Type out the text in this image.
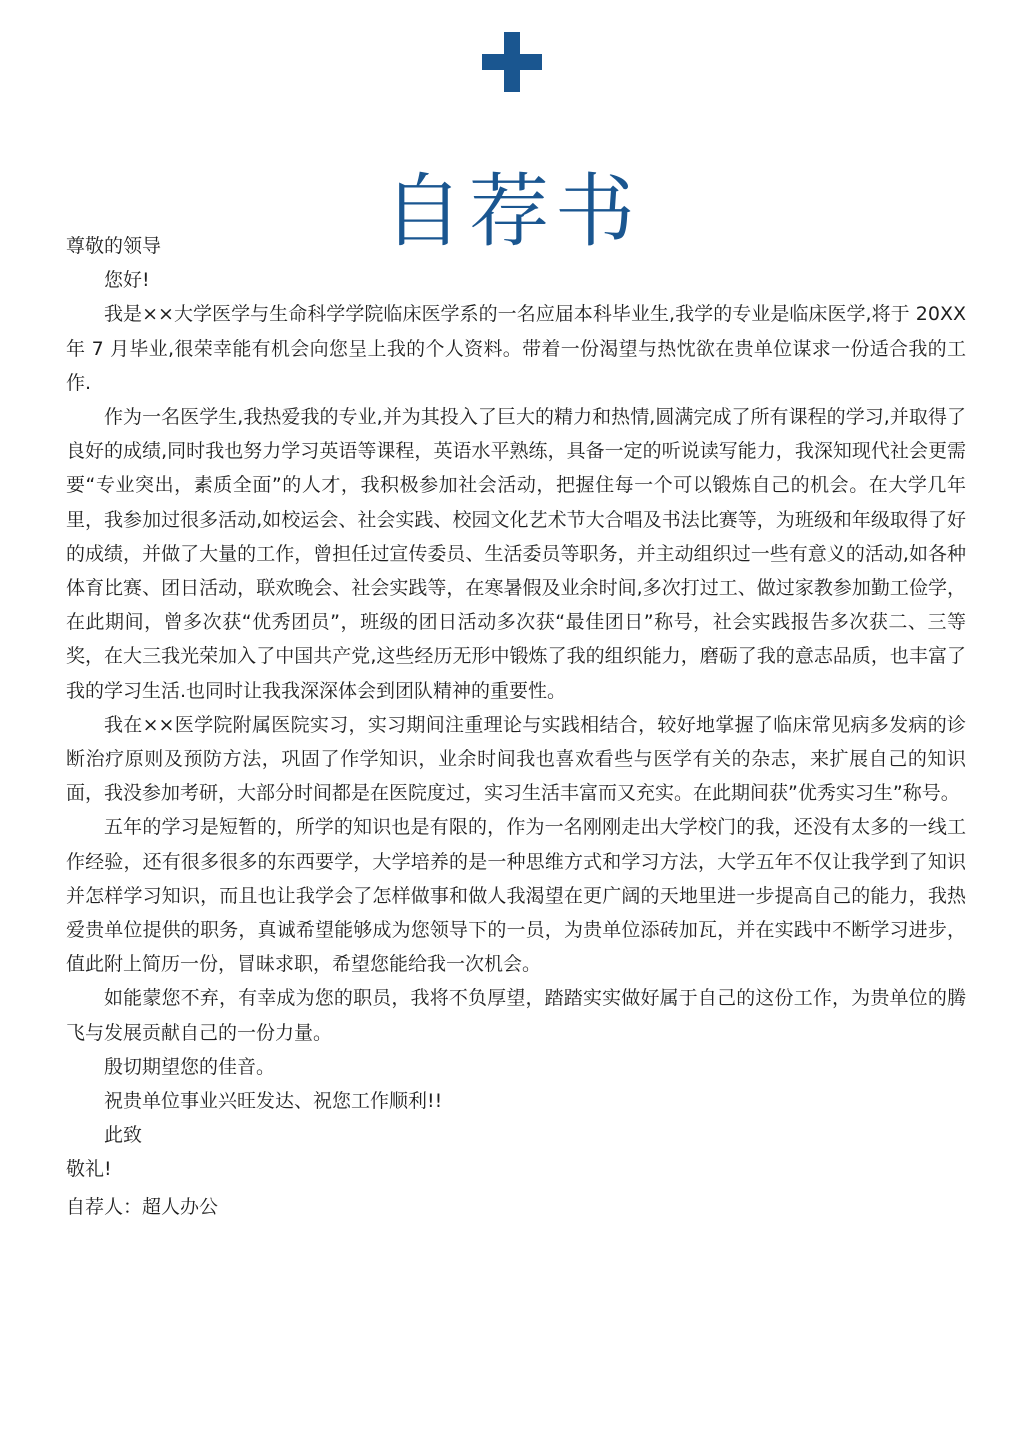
自荐书

尊敬的领导

您好!

我是××大学医学与生命科学学院临床医学系的一名应届本科毕业生,我学的专业是临床医学,将于 20XX 年 7 月毕业,很荣幸能有机会向您呈上我的个人资料。带着一份渴望与热忱欲在贵单位谋求一份适合我的工作.

作为一名医学生,我热爱我的专业,并为其投入了巨大的精力和热情,圆满完成了所有课程的学习,并取得了良好的成绩,同时我也努力学习英语等课程，英语水平熟练，具备一定的听说读写能力，我深知现代社会更需要“专业突出，素质全面”的人才，我积极参加社会活动，把握住每一个可以锻炼自己的机会。在大学几年里，我参加过很多活动,如校运会、社会实践、校园文化艺术节大合唱及书法比赛等，为班级和年级取得了好的成绩，并做了大量的工作，曾担任过宣传委员、生活委员等职务，并主动组织过一些有意义的活动,如各种体育比赛、团日活动，联欢晚会、社会实践等，在寒暑假及业余时间,多次打过工、做过家教参加勤工俭学，在此期间，曾多次获“优秀团员”，班级的团日活动多次获“最佳团日”称号，社会实践报告多次获二、三等奖，在大三我光荣加入了中国共产党,这些经历无形中锻炼了我的组织能力，磨砺了我的意志品质，也丰富了我的学习生活.也同时让我我深深体会到团队精神的重要性。

我在××医学院附属医院实习，实习期间注重理论与实践相结合，较好地掌握了临床常见病多发病的诊断治疗原则及预防方法，巩固了作学知识，业余时间我也喜欢看些与医学有关的杂志，来扩展自己的知识面，我没参加考研，大部分时间都是在医院度过，实习生活丰富而又充实。在此期间获”优秀实习生”称号。

五年的学习是短暂的，所学的知识也是有限的，作为一名刚刚走出大学校门的我，还没有太多的一线工作经验，还有很多很多的东西要学，大学培养的是一种思维方式和学习方法，大学五年不仅让我学到了知识并怎样学习知识，而且也让我学会了怎样做事和做人我渴望在更广阔的天地里进一步提高自己的能力，我热爱贵单位提供的职务，真诚希望能够成为您领导下的一员，为贵单位添砖加瓦，并在实践中不断学习进步，值此附上简历一份，冒昧求职，希望您能给我一次机会。

如能蒙您不弃，有幸成为您的职员，我将不负厚望，踏踏实实做好属于自己的这份工作，为贵单位的腾飞与发展贡献自己的一份力量。

殷切期望您的佳音。

祝贵单位事业兴旺发达、祝您工作顺利!!

此致

敬礼!

自荐人：超人办公
